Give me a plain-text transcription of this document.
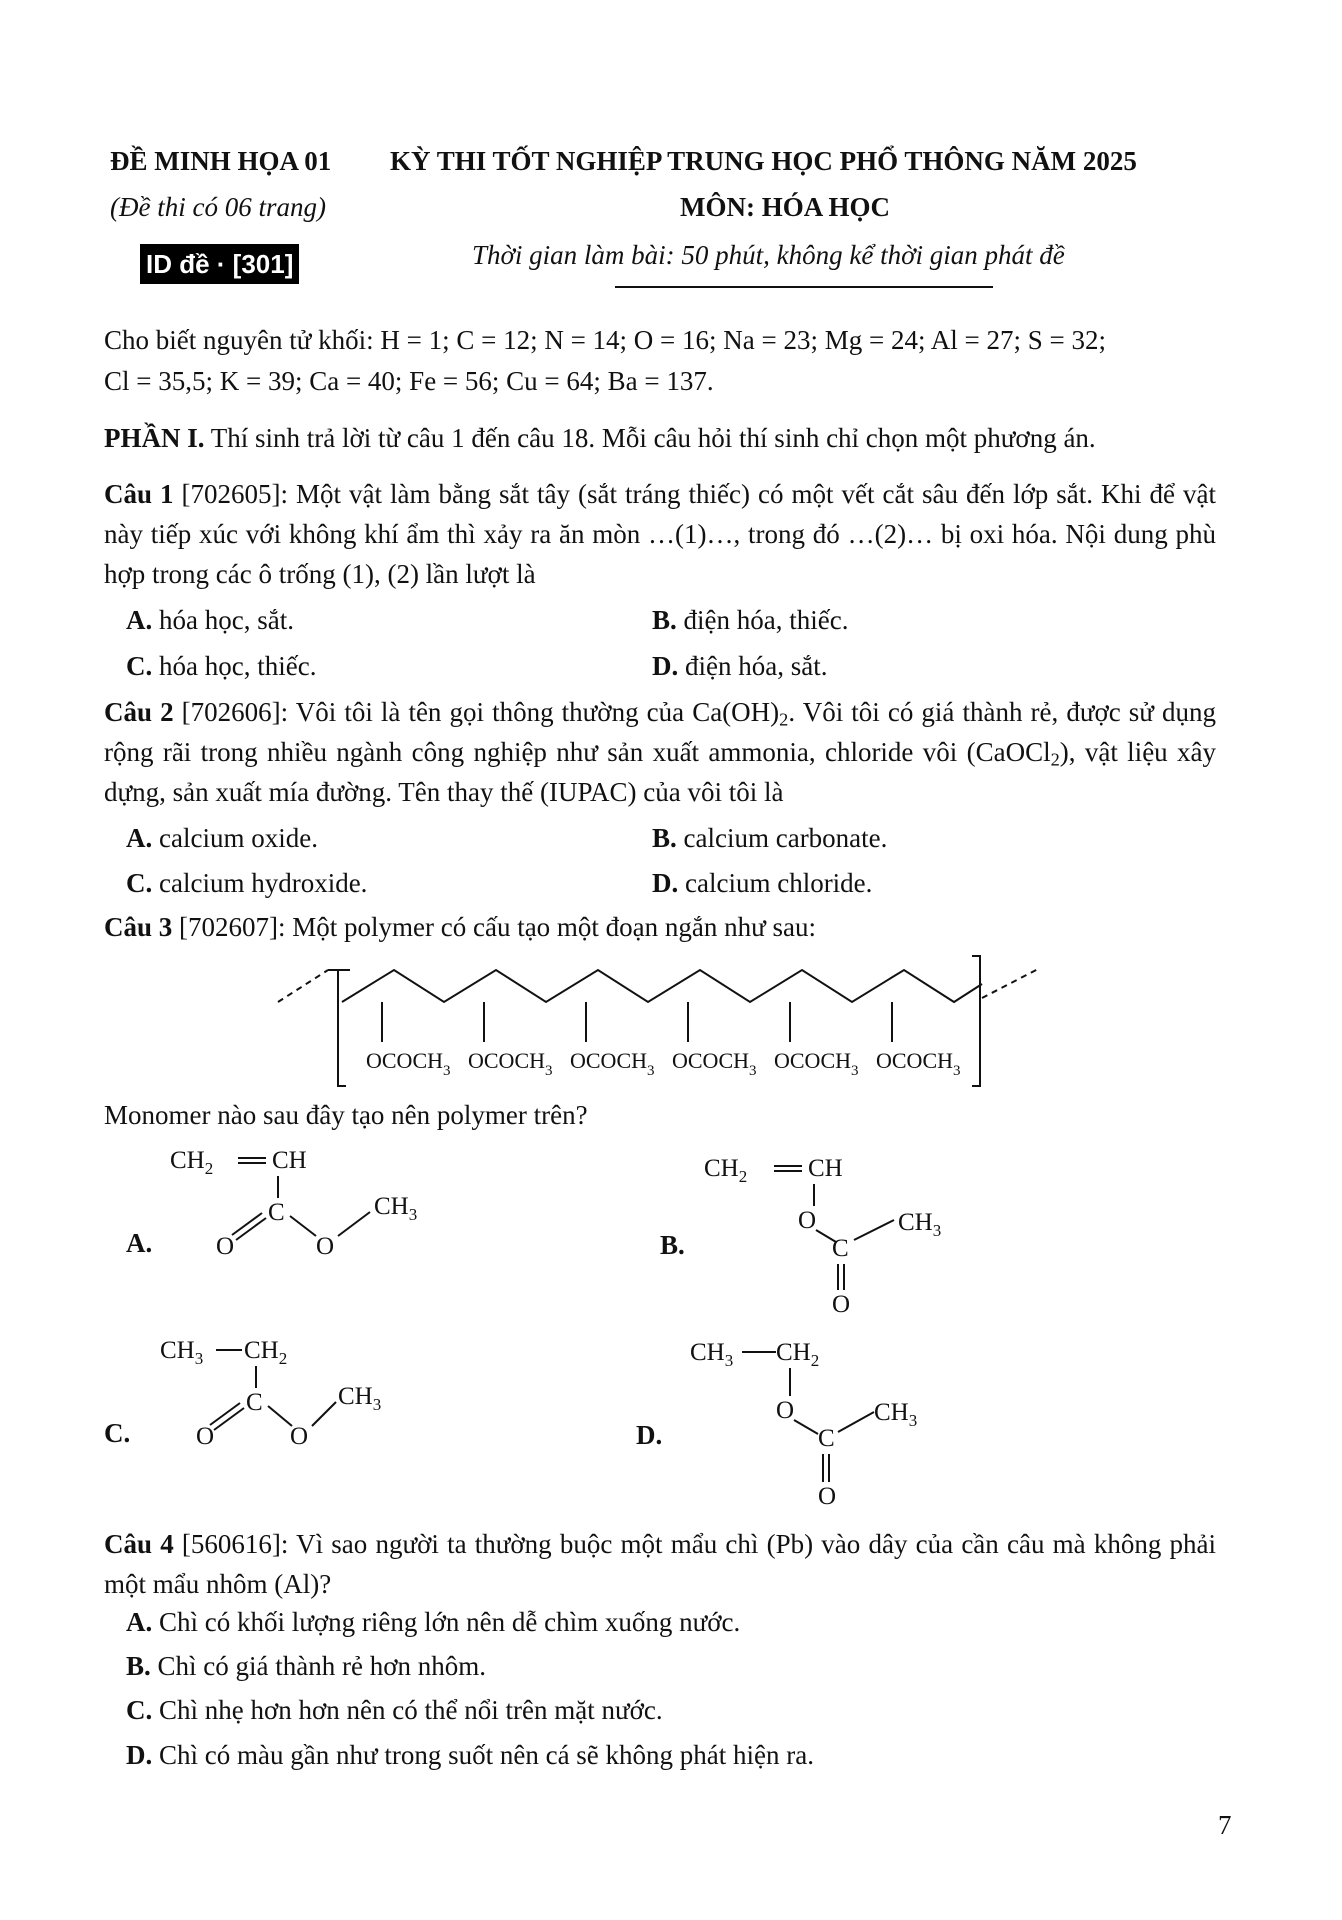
ĐỀ MINH HỌA 01
(Đề thi có 06 trang)
ID đề · [301]
KỲ THI TỐT NGHIỆP TRUNG HỌC PHỔ THÔNG NĂM 2025
MÔN: HÓA HỌC
Thời gian làm bài: 50 phút, không kể thời gian phát đề
Cho biết nguyên tử khối: H = 1; C = 12; N = 14; O = 16; Na = 23; Mg = 24; Al = 27; S = 32;
Cl = 35,5; K = 39; Ca = 40; Fe = 56; Cu = 64; Ba = 137.
PHẦN I. Thí sinh trả lời từ câu 1 đến câu 18. Mỗi câu hỏi thí sinh chỉ chọn một phương án.
Câu 1 [702605]: Một vật làm bằng sắt tây (sắt tráng thiếc) có một vết cắt sâu đến lớp sắt. Khi để vật này tiếp xúc với không khí ẩm thì xảy ra ăn mòn …(1)…, trong đó …(2)… bị oxi hóa. Nội dung phù hợp trong các ô trống (1), (2) lần lượt là
A. hóa học, sắt.	B. điện hóa, thiếc.
C. hóa học, thiếc.	D. điện hóa, sắt.
Câu 2 [702606]: Vôi tôi là tên gọi thông thường của $Ca(OH)_2$. Vôi tôi có giá thành rẻ, được sử dụng rộng rãi trong nhiều ngành công nghiệp như sản xuất ammonia, chloride vôi (CaOCl$_2$), vật liệu xây dựng, sản xuất mía đường. Tên thay thế (IUPAC) của vôi tôi là
A. calcium oxide.	B. calcium carbonate.
C. calcium hydroxide.	D. calcium chloride.
Câu 3 [702607]: Một polymer có cấu tạo một đoạn ngắn như sau:
$OCOCH_3$ $OCOCH_3$ $OCOCH_3$ $OCOCH_3$ $OCOCH_3$ $OCOCH_3$
Monomer nào sau đây tạo nên polymer trên?
A.
$CH_2$ CH
C
O	O
$CH_3$
B.
$CH_2$ CH
O
C
$CH_3$
O
C.
$CH_3$ $CH_2$
C
O	O
$CH_3$
D.
$CH_3$ $CH_2$
O
C
$CH_3$
O
Câu 4 [560616]: Vì sao người ta thường buộc một mẩu chì (Pb) vào dây của cần câu mà không phải một mẩu nhôm (Al)?
A. Chì có khối lượng riêng lớn nên dễ chìm xuống nước.
B. Chì có giá thành rẻ hơn nhôm.
C. Chì nhẹ hơn hơn nên có thể nổi trên mặt nước.
D. Chì có màu gần như trong suốt nên cá sẽ không phát hiện ra.
7
